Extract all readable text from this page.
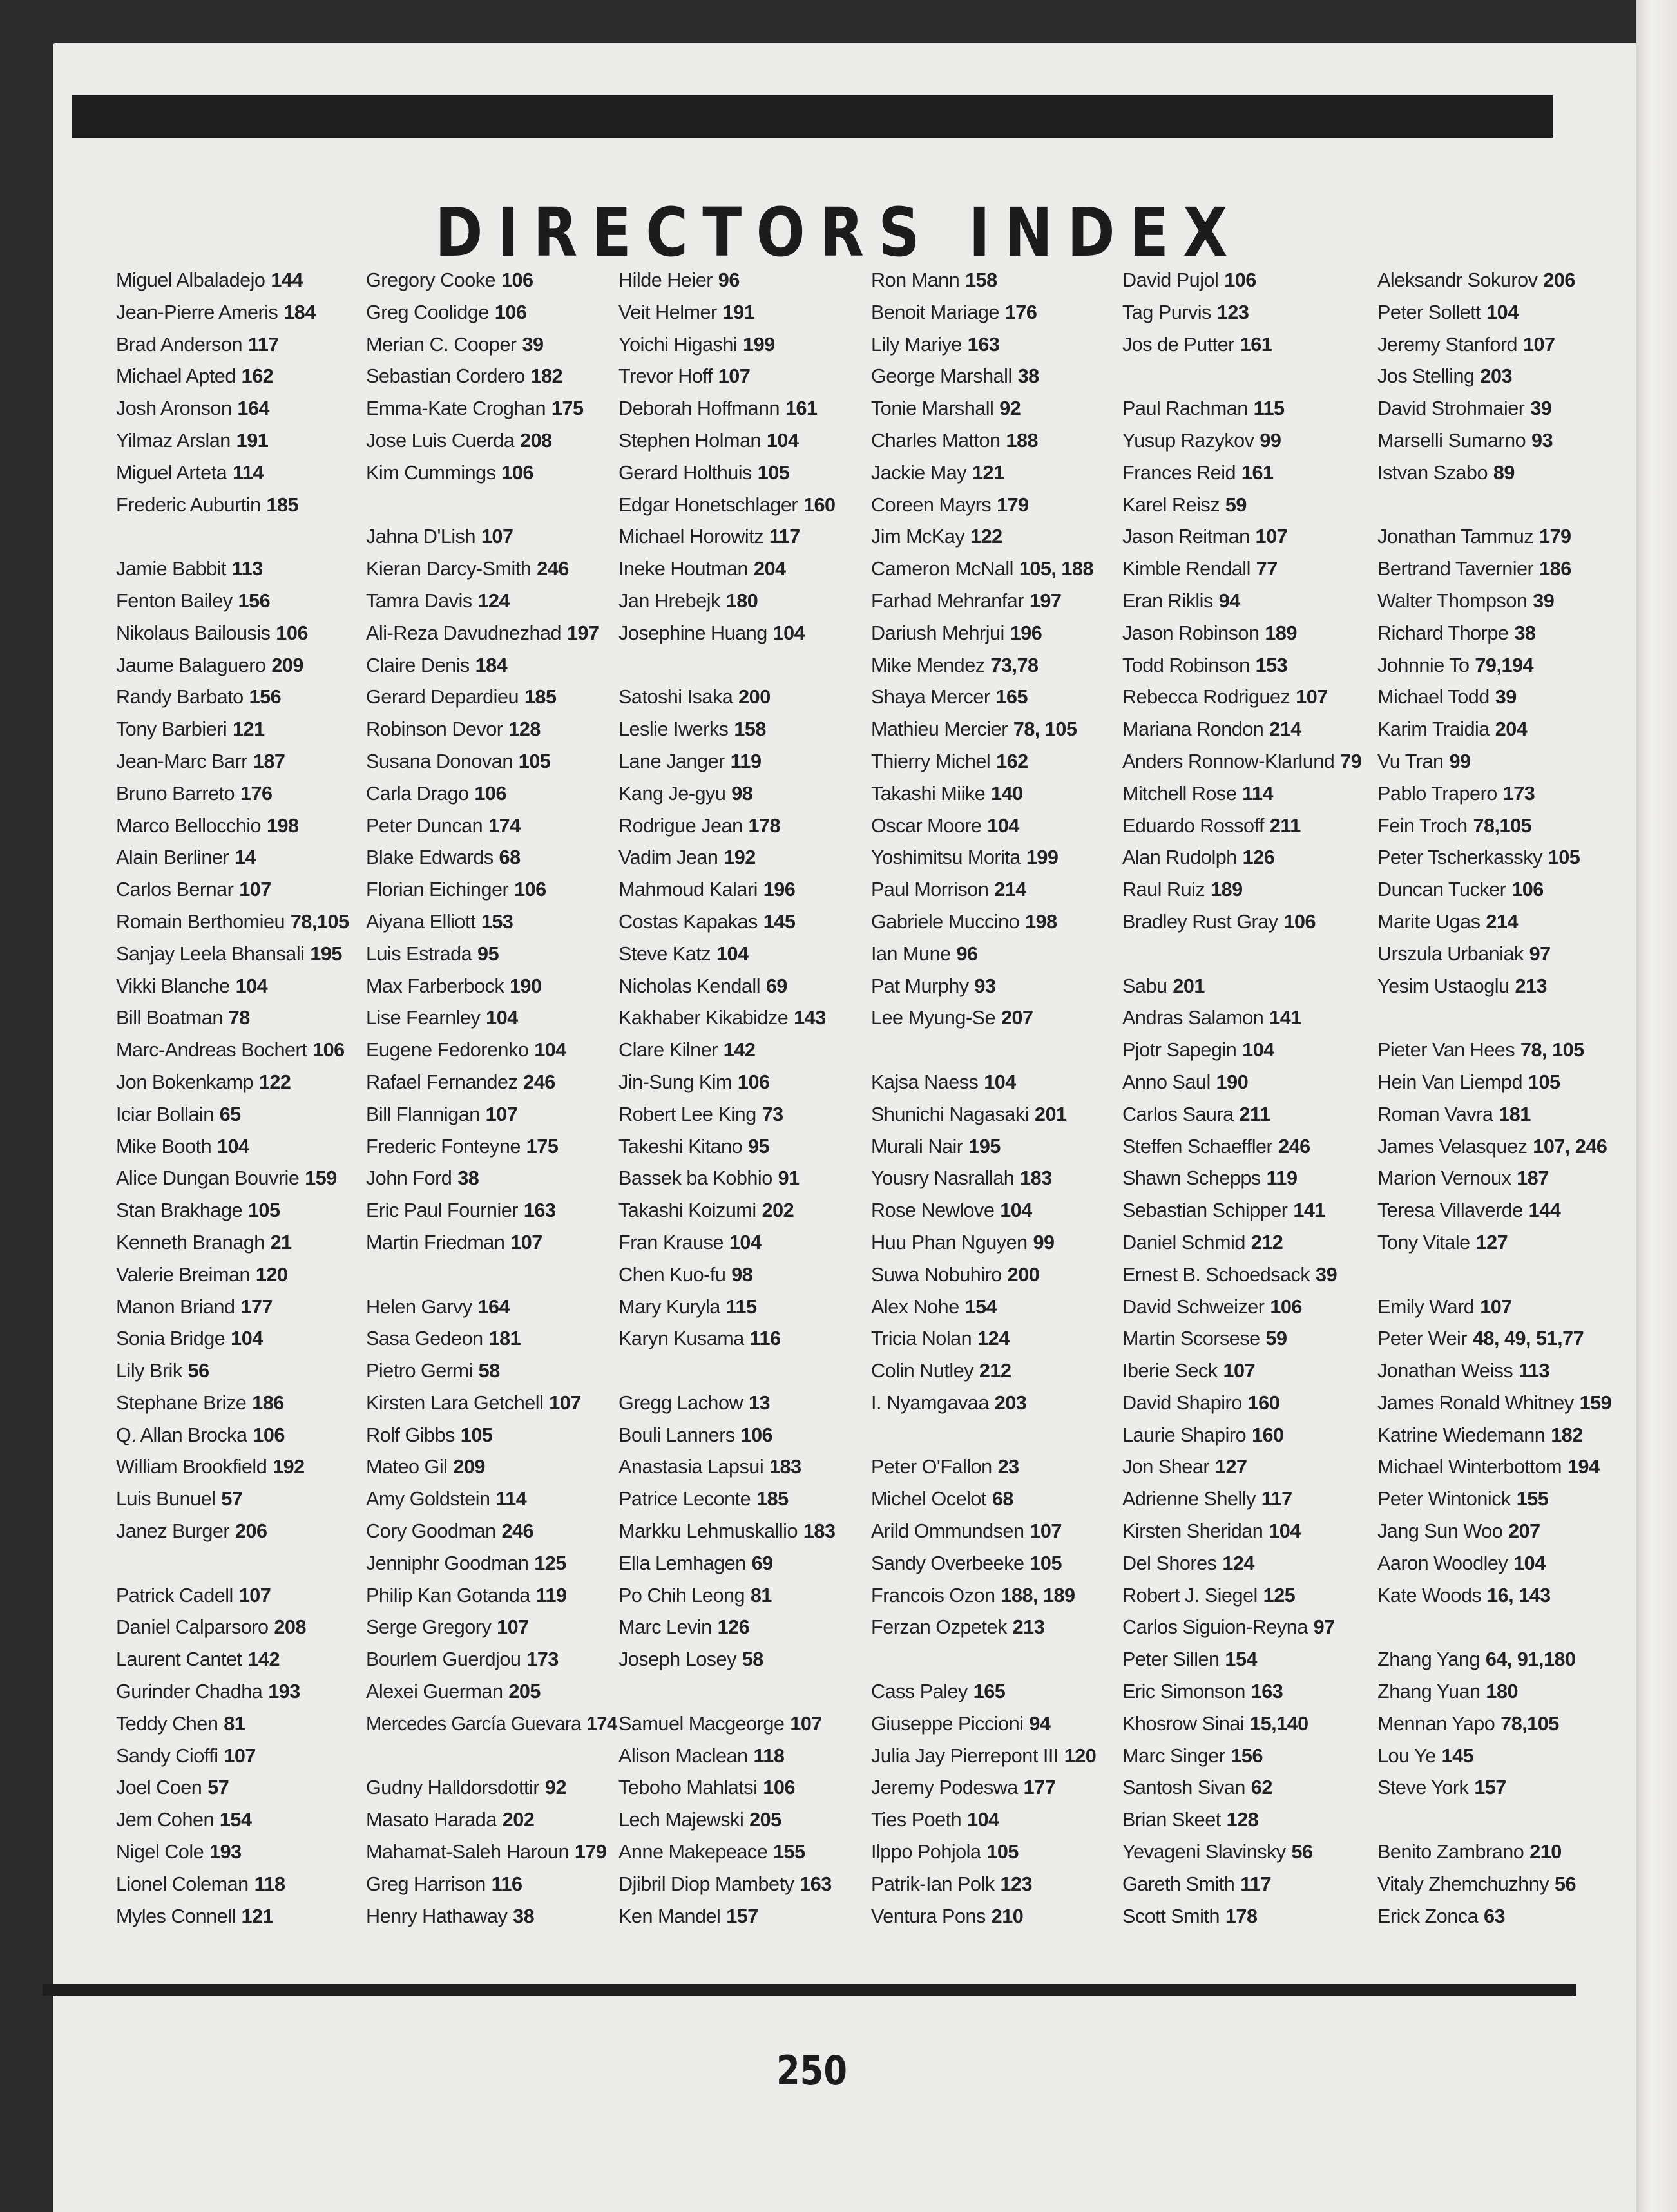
DIRECTORS INDEX
Miguel Albaladejo 144
Jean-Pierre Ameris 184
Brad Anderson 117
Michael Apted 162
Josh Aronson 164
Yilmaz Arslan 191
Miguel Arteta 114
Frederic Auburtin 185
Jamie Babbit 113
Fenton Bailey 156
Nikolaus Bailousis 106
Jaume Balaguero 209
Randy Barbato 156
Tony Barbieri 121
Jean-Marc Barr 187
Bruno Barreto 176
Marco Bellocchio 198
Alain Berliner 14
Carlos Bernar 107
Romain Berthomieu 78,105
Sanjay Leela Bhansali 195
Vikki Blanche 104
Bill Boatman 78
Marc-Andreas Bochert 106
Jon Bokenkamp 122
Iciar Bollain 65
Mike Booth 104
Alice Dungan Bouvrie 159
Stan Brakhage 105
Kenneth Branagh 21
Valerie Breiman 120
Manon Briand 177
Sonia Bridge 104
Lily Brik 56
Stephane Brize 186
Q. Allan Brocka 106
William Brookfield 192
Luis Bunuel 57
Janez Burger 206
Patrick Cadell 107
Daniel Calparsoro 208
Laurent Cantet 142
Gurinder Chadha 193
Teddy Chen 81
Sandy Cioffi 107
Joel Coen 57
Jem Cohen 154
Nigel Cole 193
Lionel Coleman 118
Myles Connell 121
Gregory Cooke 106
Greg Coolidge 106
Merian C. Cooper 39
Sebastian Cordero 182
Emma-Kate Croghan 175
Jose Luis Cuerda 208
Kim Cummings 106
Jahna D'Lish 107
Kieran Darcy-Smith 246
Tamra Davis 124
Ali-Reza Davudnezhad 197
Claire Denis 184
Gerard Depardieu 185
Robinson Devor 128
Susana Donovan 105
Carla Drago 106
Peter Duncan 174
Blake Edwards 68
Florian Eichinger 106
Aiyana Elliott 153
Luis Estrada 95
Max Farberbock 190
Lise Fearnley 104
Eugene Fedorenko 104
Rafael Fernandez 246
Bill Flannigan 107
Frederic Fonteyne 175
John Ford 38
Eric Paul Fournier 163
Martin Friedman 107
Helen Garvy 164
Sasa Gedeon 181
Pietro Germi 58
Kirsten Lara Getchell 107
Rolf Gibbs 105
Mateo Gil 209
Amy Goldstein 114
Cory Goodman 246
Jenniphr Goodman 125
Philip Kan Gotanda 119
Serge Gregory 107
Bourlem Guerdjou 173
Alexei Guerman 205
Mercedes García Guevara 174
Gudny Halldorsdottir 92
Masato Harada 202
Mahamat-Saleh Haroun 179
Greg Harrison 116
Henry Hathaway 38
Hilde Heier 96
Veit Helmer 191
Yoichi Higashi 199
Trevor Hoff 107
Deborah Hoffmann 161
Stephen Holman 104
Gerard Holthuis 105
Edgar Honetschlager 160
Michael Horowitz 117
Ineke Houtman 204
Jan Hrebejk 180
Josephine Huang 104
Satoshi Isaka 200
Leslie Iwerks 158
Lane Janger 119
Kang Je-gyu 98
Rodrigue Jean 178
Vadim Jean 192
Mahmoud Kalari 196
Costas Kapakas 145
Steve Katz 104
Nicholas Kendall 69
Kakhaber Kikabidze 143
Clare Kilner 142
Jin-Sung Kim 106
Robert Lee King 73
Takeshi Kitano 95
Bassek ba Kobhio 91
Takashi Koizumi 202
Fran Krause 104
Chen Kuo-fu 98
Mary Kuryla 115
Karyn Kusama 116
Gregg Lachow 13
Bouli Lanners 106
Anastasia Lapsui 183
Patrice Leconte 185
Markku Lehmuskallio 183
Ella Lemhagen 69
Po Chih Leong 81
Marc Levin 126
Joseph Losey 58
Samuel Macgeorge 107
Alison Maclean 118
Teboho Mahlatsi 106
Lech Majewski 205
Anne Makepeace 155
Djibril Diop Mambety 163
Ken Mandel 157
Ron Mann 158
Benoit Mariage 176
Lily Mariye 163
George Marshall 38
Tonie Marshall 92
Charles Matton 188
Jackie May 121
Coreen Mayrs 179
Jim McKay 122
Cameron McNall 105, 188
Farhad Mehranfar 197
Dariush Mehrjui 196
Mike Mendez 73,78
Shaya Mercer 165
Mathieu Mercier 78, 105
Thierry Michel 162
Takashi Miike 140
Oscar Moore 104
Yoshimitsu Morita 199
Paul Morrison 214
Gabriele Muccino 198
Ian Mune 96
Pat Murphy 93
Lee Myung-Se 207
Kajsa Naess 104
Shunichi Nagasaki 201
Murali Nair 195
Yousry Nasrallah 183
Rose Newlove 104
Huu Phan Nguyen 99
Suwa Nobuhiro 200
Alex Nohe 154
Tricia Nolan 124
Colin Nutley 212
I. Nyamgavaa 203
Peter O'Fallon 23
Michel Ocelot 68
Arild Ommundsen 107
Sandy Overbeeke 105
Francois Ozon 188, 189
Ferzan Ozpetek 213
Cass Paley 165
Giuseppe Piccioni 94
Julia Jay Pierrepont III 120
Jeremy Podeswa 177
Ties Poeth 104
Ilppo Pohjola 105
Patrik-Ian Polk 123
Ventura Pons 210
David Pujol 106
Tag Purvis 123
Jos de Putter 161
Paul Rachman 115
Yusup Razykov 99
Frances Reid 161
Karel Reisz 59
Jason Reitman 107
Kimble Rendall 77
Eran Riklis 94
Jason Robinson 189
Todd Robinson 153
Rebecca Rodriguez 107
Mariana Rondon 214
Anders Ronnow-Klarlund 79
Mitchell Rose 114
Eduardo Rossoff 211
Alan Rudolph 126
Raul Ruiz 189
Bradley Rust Gray 106
Sabu 201
Andras Salamon 141
Pjotr Sapegin 104
Anno Saul 190
Carlos Saura 211
Steffen Schaeffler 246
Shawn Schepps 119
Sebastian Schipper 141
Daniel Schmid 212
Ernest B. Schoedsack 39
David Schweizer 106
Martin Scorsese 59
Iberie Seck 107
David Shapiro 160
Laurie Shapiro 160
Jon Shear 127
Adrienne Shelly 117
Kirsten Sheridan 104
Del Shores 124
Robert J. Siegel 125
Carlos Siguion-Reyna 97
Peter Sillen 154
Eric Simonson 163
Khosrow Sinai 15,140
Marc Singer 156
Santosh Sivan 62
Brian Skeet 128
Yevageni Slavinsky 56
Gareth Smith 117
Scott Smith 178
Aleksandr Sokurov 206
Peter Sollett 104
Jeremy Stanford 107
Jos Stelling 203
David Strohmaier 39
Marselli Sumarno 93
Istvan Szabo 89
Jonathan Tammuz 179
Bertrand Tavernier 186
Walter Thompson 39
Richard Thorpe 38
Johnnie To 79,194
Michael Todd 39
Karim Traidia 204
Vu Tran 99
Pablo Trapero 173
Fein Troch 78,105
Peter Tscherkassky 105
Duncan Tucker 106
Marite Ugas 214
Urszula Urbaniak 97
Yesim Ustaoglu 213
Pieter Van Hees 78, 105
Hein Van Liempd 105
Roman Vavra 181
James Velasquez 107, 246
Marion Vernoux 187
Teresa Villaverde 144
Tony Vitale 127
Emily Ward 107
Peter Weir 48, 49, 51,77
Jonathan Weiss 113
James Ronald Whitney 159
Katrine Wiedemann 182
Michael Winterbottom 194
Peter Wintonick 155
Jang Sun Woo 207
Aaron Woodley 104
Kate Woods 16, 143
Zhang Yang 64, 91,180
Zhang Yuan 180
Mennan Yapo 78,105
Lou Ye 145
Steve York 157
Benito Zambrano 210
Vitaly Zhemchuzhny 56
Erick Zonca 63
250
